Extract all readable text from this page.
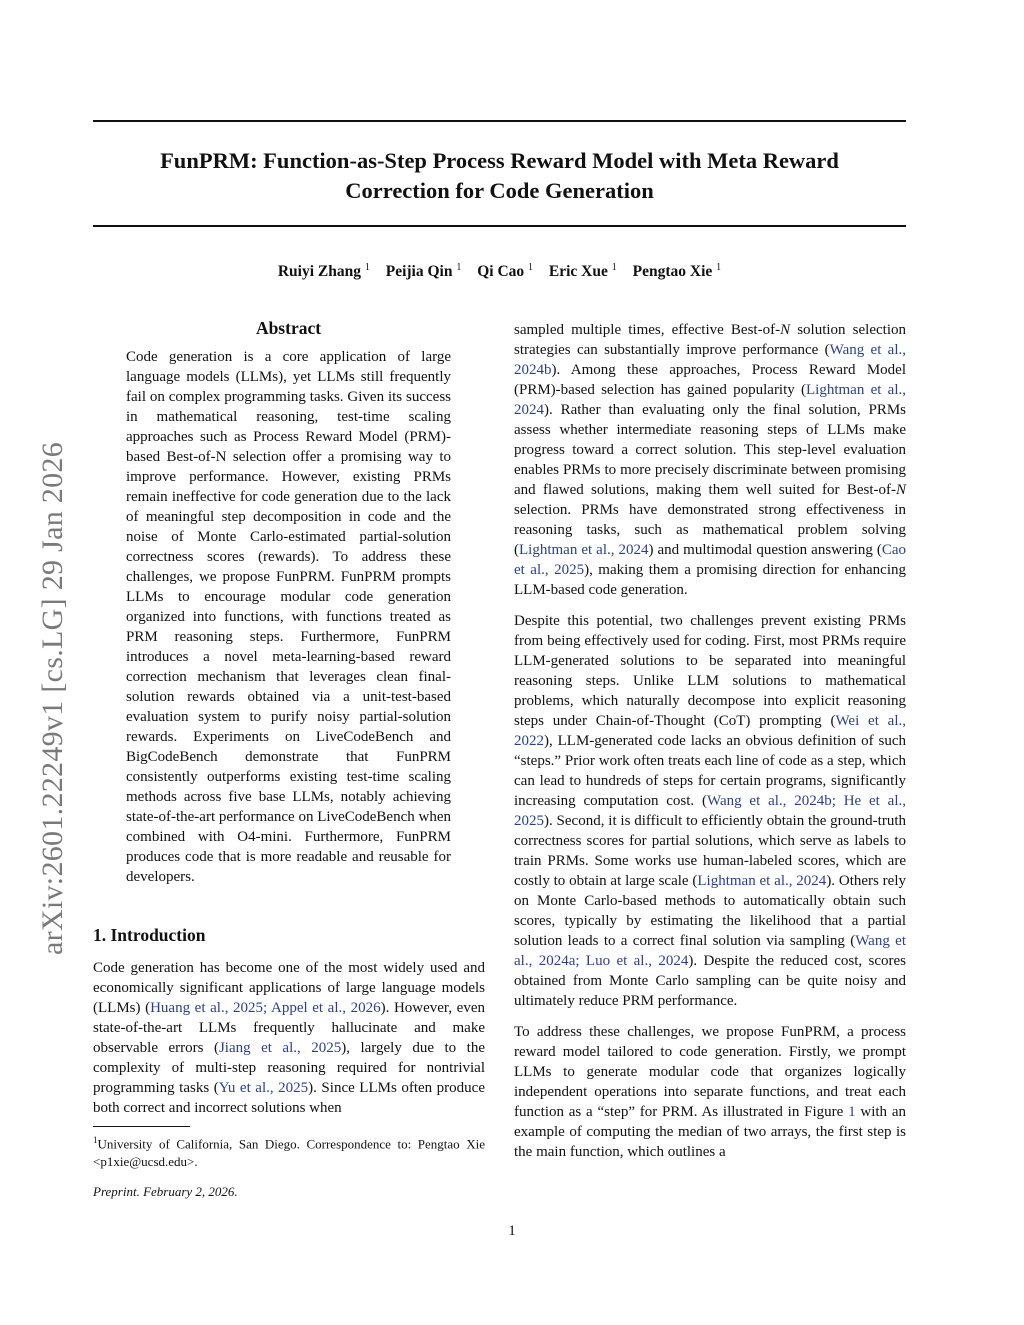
FunPRM: Function-as-Step Process Reward Model with Meta Reward
Correction for Code Generation
Ruiyi Zhang $^1$ Peijia Qin $^1$ Qi Cao $^1$ Eric Xue $^1$ Pengtao Xie $^1$
arXiv:2601.22249v1 [cs.LG] 29 Jan 2026
Abstract
Code generation is a core application of large language models (LLMs), yet LLMs still frequently fail on complex programming tasks. Given its success in mathematical reasoning, test-time scaling approaches such as Process Reward Model (PRM)-based Best-of-N selection offer a promising way to improve performance. However, existing PRMs remain ineffective for code generation due to the lack of meaningful step decomposition in code and the noise of Monte Carlo-estimated partial-solution correctness scores (rewards). To address these challenges, we propose FunPRM. FunPRM prompts LLMs to encourage modular code generation organized into functions, with functions treated as PRM reasoning steps. Furthermore, FunPRM introduces a novel meta-learning-based reward correction mechanism that leverages clean final-solution rewards obtained via a unit-test-based evaluation system to purify noisy partial-solution rewards. Experiments on LiveCodeBench and BigCodeBench demonstrate that FunPRM consistently outperforms existing test-time scaling methods across five base LLMs, notably achieving state-of-the-art performance on LiveCodeBench when combined with O4-mini. Furthermore, FunPRM produces code that is more readable and reusable for developers.
1. Introduction
Code generation has become one of the most widely used and economically significant applications of large language models (LLMs) (Huang et al., 2025; Appel et al., 2026). However, even state-of-the-art LLMs frequently hallucinate and make observable errors (Jiang et al., 2025), largely due to the complexity of multi-step reasoning required for nontrivial programming tasks (Yu et al., 2025). Since LLMs often produce both correct and incorrect solutions when
$^1$University of California, San Diego. Correspondence to: Pengtao Xie <p1xie@ucsd.edu>.
Preprint. February 2, 2026.

sampled multiple times, effective Best-of-N solution selection strategies can substantially improve performance (Wang et al., 2024b). Among these approaches, Process Reward Model (PRM)-based selection has gained popularity (Lightman et al., 2024). Rather than evaluating only the final solution, PRMs assess whether intermediate reasoning steps of LLMs make progress toward a correct solution. This step-level evaluation enables PRMs to more precisely discriminate between promising and flawed solutions, making them well suited for Best-of-N selection. PRMs have demonstrated strong effectiveness in reasoning tasks, such as mathematical problem solving (Lightman et al., 2024) and multimodal question answering (Cao et al., 2025), making them a promising direction for enhancing LLM-based code generation.

Despite this potential, two challenges prevent existing PRMs from being effectively used for coding. First, most PRMs require LLM-generated solutions to be separated into meaningful reasoning steps. Unlike LLM solutions to mathematical problems, which naturally decompose into explicit reasoning steps under Chain-of-Thought (CoT) prompting (Wei et al., 2022), LLM-generated code lacks an obvious definition of such “steps.” Prior work often treats each line of code as a step, which can lead to hundreds of steps for certain programs, significantly increasing computation cost. (Wang et al., 2024b; He et al., 2025). Second, it is difficult to efficiently obtain the ground-truth correctness scores for partial solutions, which serve as labels to train PRMs. Some works use human-labeled scores, which are costly to obtain at large scale (Lightman et al., 2024). Others rely on Monte Carlo-based methods to automatically obtain such scores, typically by estimating the likelihood that a partial solution leads to a correct final solution via sampling (Wang et al., 2024a; Luo et al., 2024). Despite the reduced cost, scores obtained from Monte Carlo sampling can be quite noisy and ultimately reduce PRM performance.

To address these challenges, we propose FunPRM, a process reward model tailored to code generation. Firstly, we prompt LLMs to generate modular code that organizes logically independent operations into separate functions, and treat each function as a “step” for PRM. As illustrated in Figure 1 with an example of computing the median of two arrays, the first step is the main function, which outlines a

1
